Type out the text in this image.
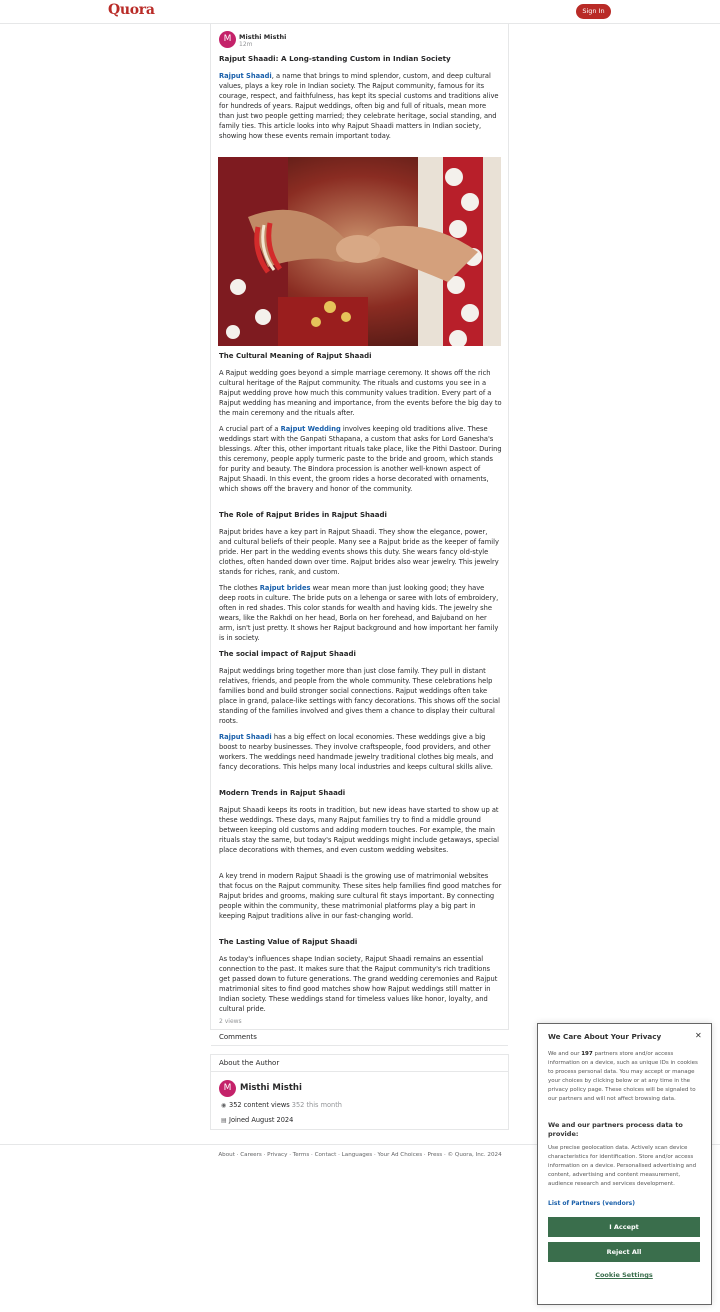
Quora	Sign In
M	Misthi Misthi
12m
Rajput Shaadi: A Long-standing Custom in Indian Society
Rajput Shaadi, a name that brings to mind splendor, custom, and deep cultural values, plays a key role in Indian society. The Rajput community, famous for its courage, respect, and faithfulness, has kept its special customs and traditions alive for hundreds of years. Rajput weddings, often big and full of rituals, mean more than just two people getting married; they celebrate heritage, social standing, and family ties. This article looks into why Rajput Shaadi matters in Indian society, showing how these events remain important today.
The Cultural Meaning of Rajput Shaadi
A Rajput wedding goes beyond a simple marriage ceremony. It shows off the rich cultural heritage of the Rajput community. The rituals and customs you see in a Rajput wedding prove how much this community values tradition. Every part of a Rajput wedding has meaning and importance, from the events before the big day to the main ceremony and the rituals after.
A crucial part of a Rajput Wedding involves keeping old traditions alive. These weddings start with the Ganpati Sthapana, a custom that asks for Lord Ganesha's blessings. After this, other important rituals take place, like the Pithi Dastoor. During this ceremony, people apply turmeric paste to the bride and groom, which stands for purity and beauty. The Bindora procession is another well-known aspect of Rajput Shaadi. In this event, the groom rides a horse decorated with ornaments, which shows off the bravery and honor of the community.
The Role of Rajput Brides in Rajput Shaadi
Rajput brides have a key part in Rajput Shaadi. They show the elegance, power, and cultural beliefs of their people. Many see a Rajput bride as the keeper of family pride. Her part in the wedding events shows this duty. She wears fancy old-style clothes, often handed down over time. Rajput brides also wear jewelry. This jewelry stands for riches, rank, and custom.
The clothes Rajput brides wear mean more than just looking good; they have deep roots in culture. The bride puts on a lehenga or saree with lots of embroidery, often in red shades. This color stands for wealth and having kids. The jewelry she wears, like the Rakhdi on her head, Borla on her forehead, and Bajuband on her arm, isn't just pretty. It shows her Rajput background and how important her family is in society.
The social impact of Rajput Shaadi
Rajput weddings bring together more than just close family. They pull in distant relatives, friends, and people from the whole community. These celebrations help families bond and build stronger social connections. Rajput weddings often take place in grand, palace-like settings with fancy decorations. This shows off the social standing of the families involved and gives them a chance to display their cultural roots.
Rajput Shaadi has a big effect on local economies. These weddings give a big boost to nearby businesses. They involve craftspeople, food providers, and other workers. The weddings need handmade jewelry traditional clothes big meals, and fancy decorations. This helps many local industries and keeps cultural skills alive.
Modern Trends in Rajput Shaadi
Rajput Shaadi keeps its roots in tradition, but new ideas have started to show up at these weddings. These days, many Rajput families try to find a middle ground between keeping old customs and adding modern touches. For example, the main rituals stay the same, but today's Rajput weddings might include getaways, special place decorations with themes, and even custom wedding websites.
A key trend in modern Rajput Shaadi is the growing use of matrimonial websites that focus on the Rajput community. These sites help families find good matches for Rajput brides and grooms, making sure cultural fit stays important. By connecting people within the community, these matrimonial platforms play a big part in keeping Rajput traditions alive in our fast-changing world.
The Lasting Value of Rajput Shaadi
As today's influences shape Indian society, Rajput Shaadi remains an essential connection to the past. It makes sure that the Rajput community's rich traditions get passed down to future generations. The grand wedding ceremonies and Rajput matrimonial sites to find good matches show how Rajput weddings still matter in Indian society. These weddings stand for timeless values like honor, loyalty, and cultural pride.
2 views
Comments
About the Author
M	Misthi Misthi
◉ 352 content views 352 this month
▤ Joined August 2024
About · Careers · Privacy · Terms · Contact · Languages · Your Ad Choices · Press · © Quora, Inc. 2024
We Care About Your Privacy	✕
We and our 197 partners store and/or access information on a device, such as unique IDs in cookies to process personal data. You may accept or manage your choices by clicking below or at any time in the privacy policy page. These choices will be signaled to our partners and will not affect browsing data.
We and our partners process data to provide:
Use precise geolocation data. Actively scan device characteristics for identification. Store and/or access information on a device. Personalised advertising and content, advertising and content measurement, audience research and services development.
List of Partners (vendors)
I Accept
Reject All
Cookie Settings
